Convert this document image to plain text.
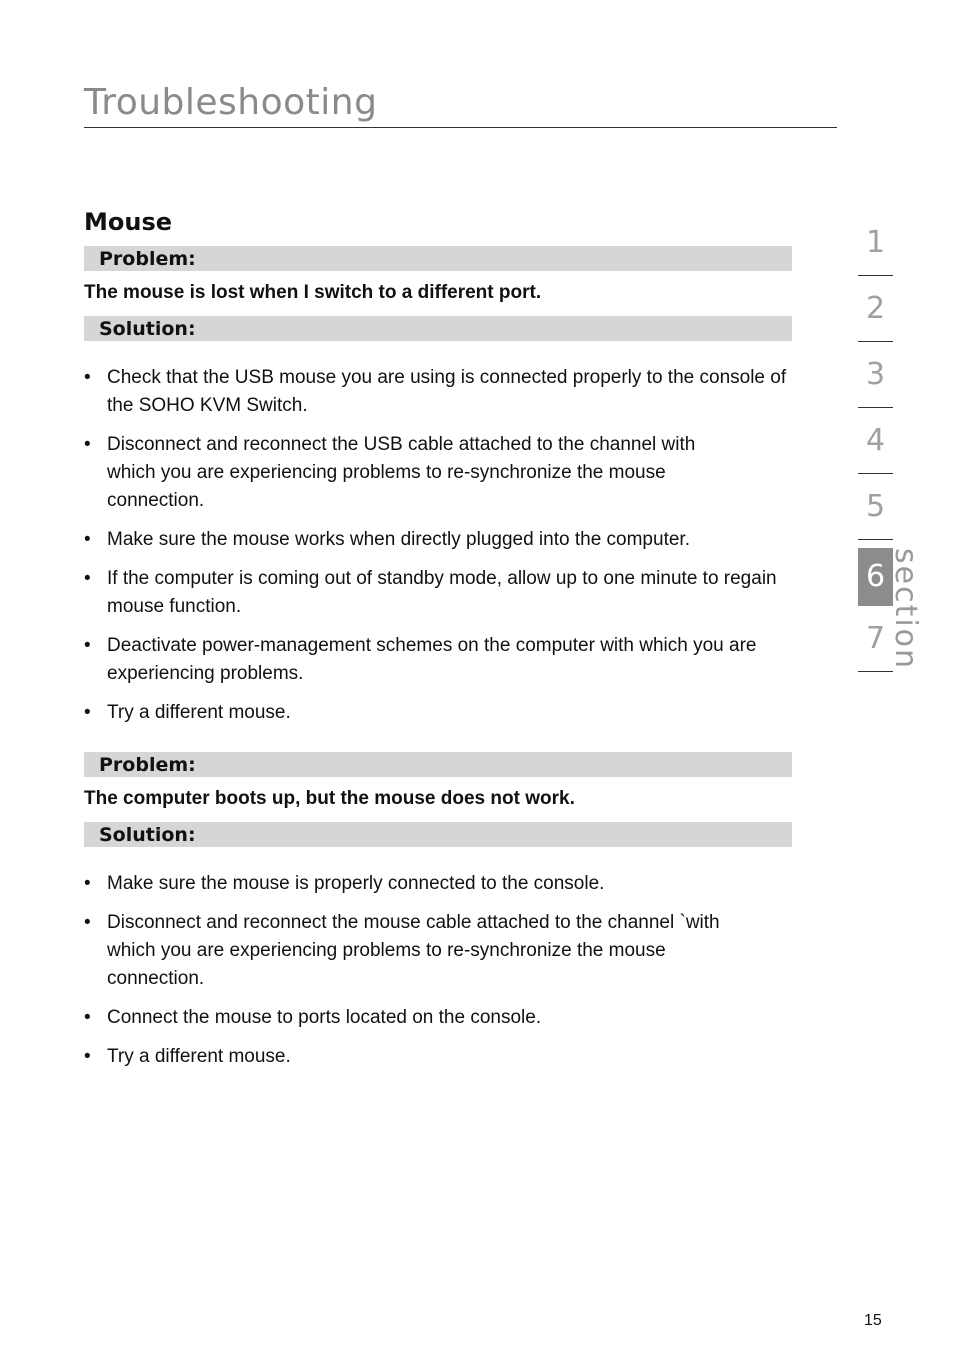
Troubleshooting
Mouse
Problem:
The mouse is lost when I switch to a different port.
Solution:
• Check that the USB mouse you are using is connected properly to the console of the SOHO KVM Switch.
• Disconnect and reconnect the USB cable attached to the channel with which you are experiencing problems to re-synchronize the mouse connection.
• Make sure the mouse works when directly plugged into the computer.
• If the computer is coming out of standby mode, allow up to one minute to regain mouse function.
• Deactivate power-management schemes on the computer with which you are experiencing problems.
• Try a different mouse.
Problem:
The computer boots up, but the mouse does not work.
Solution:
• Make sure the mouse is properly connected to the console.
• Disconnect and reconnect the mouse cable attached to the channel `with which you are experiencing problems to re-synchronize the mouse connection.
• Connect the mouse to ports located on the console.
• Try a different mouse.
1
2
3
4
5
6
7 section
15
